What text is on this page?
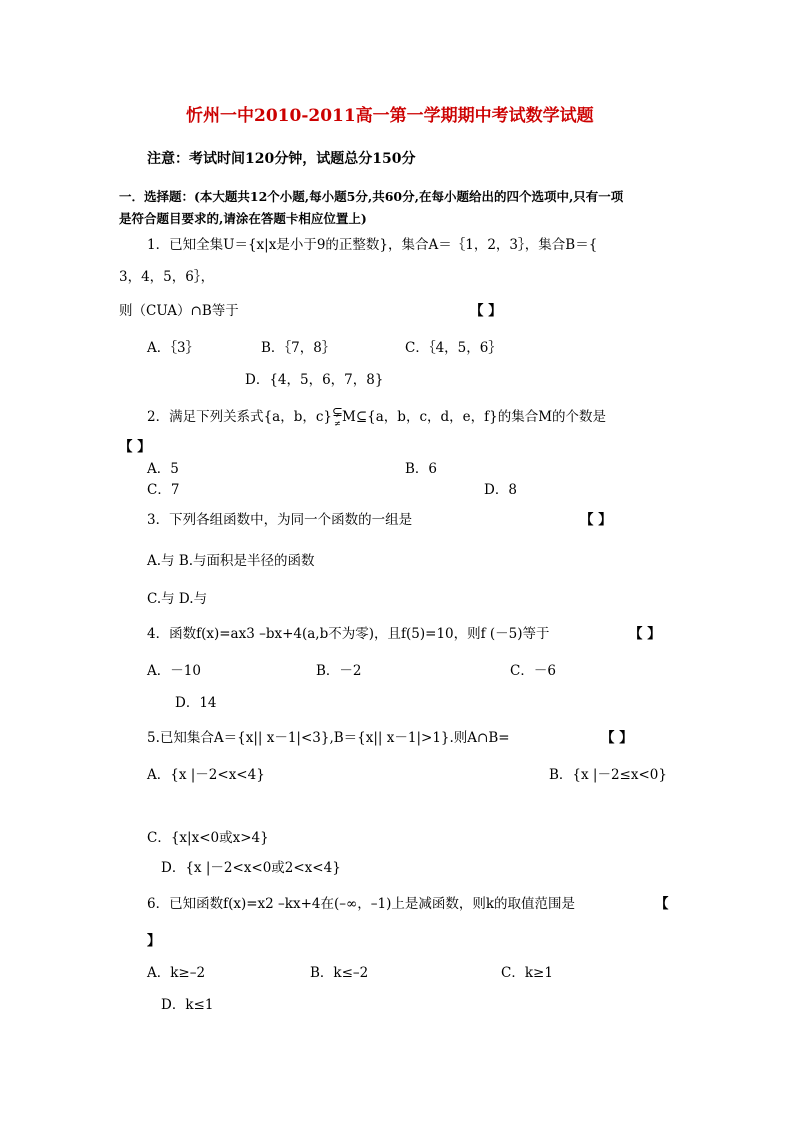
忻州一中2010-2011高一第一学期期中考试数学试题
注意：考试时间120分钟，试题总分150分
一．选择题：(本大题共12个小题,每小题5分,共60分,在每小题给出的四个选项中,只有一项
是符合题目要求的,请涂在答题卡相应位置上)
1．已知全集U＝{x|x是小于9的正整数}，集合A＝｛1，2，3｝，集合B＝{
3，4，5，6｝，
则（CUA）∩B等于	【 】
A．｛3｝	B．｛7，8｝	C．｛4，5，6｝
D．{4，5，6，7，8}
2．满足下列关系式{a，b，c} ⊊
≠ M⊆{a，b，c，d，e，f}的集合M的个数是
【 】
A．5	B．6
C．7	D．8
3．下列各组函数中，为同一个函数的一组是	【 】
A.与 B.与面积是半径的函数
C.与 D.与
4．函数f(x)=ax3 –bx+4(a,b不为零)，且f(5)=10，则f (－5)等于	【 】
A．－10	B．－2	C．－6
D．14
5.已知集合A＝{x|| x－1|<3},B＝{x|| x－1|>1}.则A∩B=	【 】
A．{x |－2<x<4}	B．{x |－2≤x<0}
C．{x|x<0或x>4}
D．{x |－2<x<0或2<x<4}
6．已知函数f(x)=x2 –kx+4在(–∞，–1)上是减函数，则k的取值范围是	【
】
A．k≥–2	B．k≤–2	C．k≥1
D．k≤1
